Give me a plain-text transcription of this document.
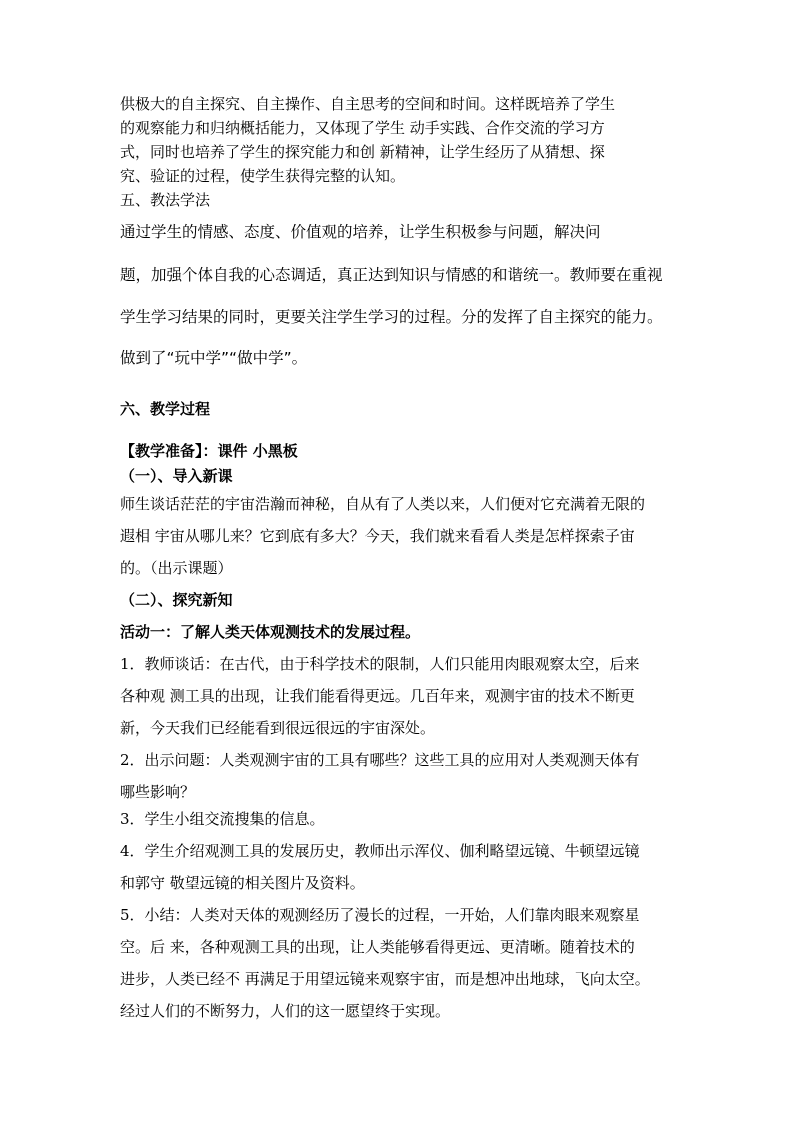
供极大的自主探究、自主操作、自主思考的空间和时间。这样既培养了学生
的观察能力和归纳概括能力，又体现了学生 动手实践、合作交流的学习方
式，同时也培养了学生的探究能力和创 新精神，让学生经历了从猜想、探
究、验证的过程，使学生获得完整的认知。
五、教法学法
通过学生的情感、态度、价值观的培养，让学生积极参与问题，解决问
题，加强个体自我的心态调适，真正达到知识与情感的和谐统一。教师要在重视
学生学习结果的同时，更要关注学生学习的过程。分的发挥了自主探究的能力。
做到了“玩中学”“做中学”。
六、教学过程
【教学准备】：课件 小黑板
（一）、导入新课
师生谈话茫茫的宇宙浩瀚而神秘，自从有了人类以来，人们便对它充满着无限的
遐相 宇宙从哪儿来？它到底有多大？今天，我们就来看看人类是怎样探索子宙
的。（出示课题）
（二）、探究新知
活动一：了解人类天体观测技术的发展过程。
1．教师谈话：在古代，由于科学技术的限制，人们只能用肉眼观察太空，后来
各种观 测工具的出现，让我们能看得更远。几百年来，观测宇宙的技术不断更
新，今天我们已经能看到很远很远的宇宙深处。
2．出示问题：人类观测宇宙的工具有哪些？这些工具的应用对人类观测天体有
哪些影响？
3．学生小组交流搜集的信息。
4．学生介绍观测工具的发展历史，教师出示浑仪、伽利略望远镜、牛顿望远镜
和郭守 敬望远镜的相关图片及资料。
5．小结：人类对天体的观测经历了漫长的过程，一开始，人们靠肉眼来观察星
空。后 来，各种观测工具的出现，让人类能够看得更远、更清晰。随着技术的
进步，人类已经不 再满足于用望远镜来观察宇宙，而是想冲出地球，飞向太空。
经过人们的不断努力，人们的这一愿望终于实现。
